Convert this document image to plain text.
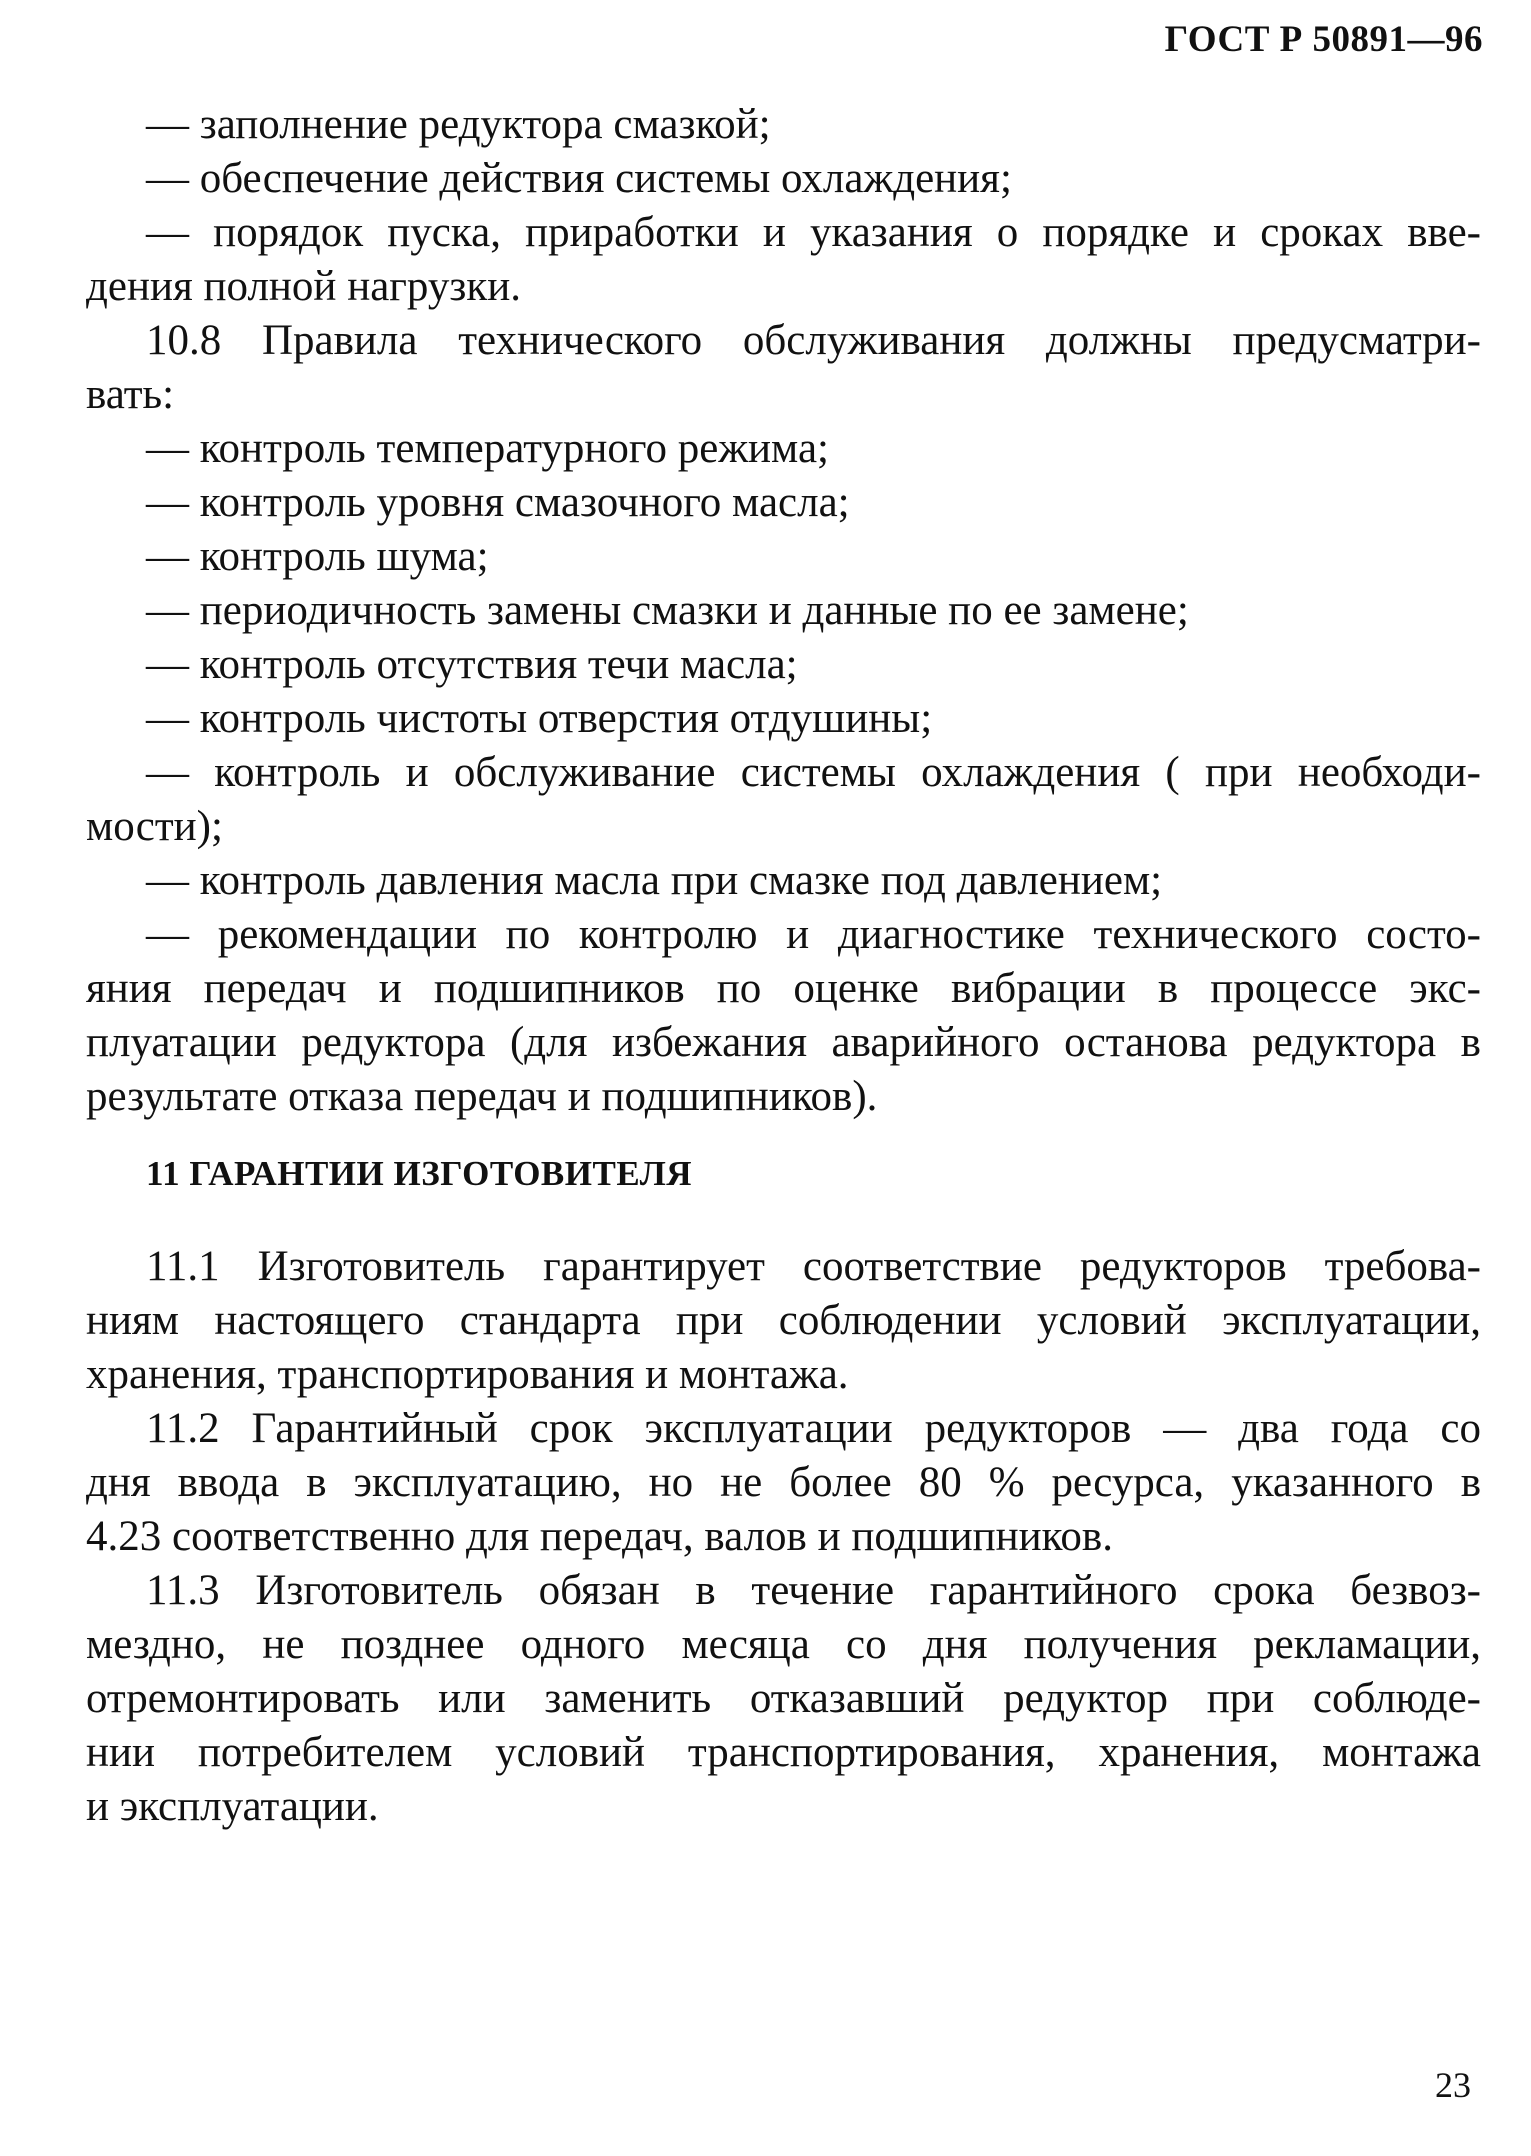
ГОСТ Р 50891—96
— заполнение редуктора смазкой;
— обеспечение действия системы охлаждения;
— порядок пуска, приработки и указания о порядке и сроках вве-
дения полной нагрузки.
10.8 Правила технического обслуживания должны предусматри-
вать:
— контроль температурного режима;
— контроль уровня смазочного масла;
— контроль шума;
— периодичность замены смазки и данные по ее замене;
— контроль отсутствия течи масла;
— контроль чистоты отверстия отдушины;
— контроль и обслуживание системы охлаждения ( при необходи-
мости);
— контроль давления масла при смазке под давлением;
— рекомендации по контролю и диагностике технического состо-
яния передач и подшипников по оценке вибрации в процессе экс-
плуатации редуктора (для избежания аварийного останова редуктора в
результате отказа передач и подшипников).
11 ГАРАНТИИ ИЗГОТОВИТЕЛЯ
11.1 Изготовитель гарантирует соответствие редукторов требова-
ниям настоящего стандарта при соблюдении условий эксплуатации,
хранения, транспортирования и монтажа.
11.2 Гарантийный срок эксплуатации редукторов — два года со
дня ввода в эксплуатацию, но не более 80 % ресурса, указанного в
4.23 соответственно для передач, валов и подшипников.
11.3 Изготовитель обязан в течение гарантийного срока безвоз-
мездно, не позднее одного месяца со дня получения рекламации,
отремонтировать или заменить отказавший редуктор при соблюде-
нии потребителем условий транспортирования, хранения, монтажа
и эксплуатации.
23
